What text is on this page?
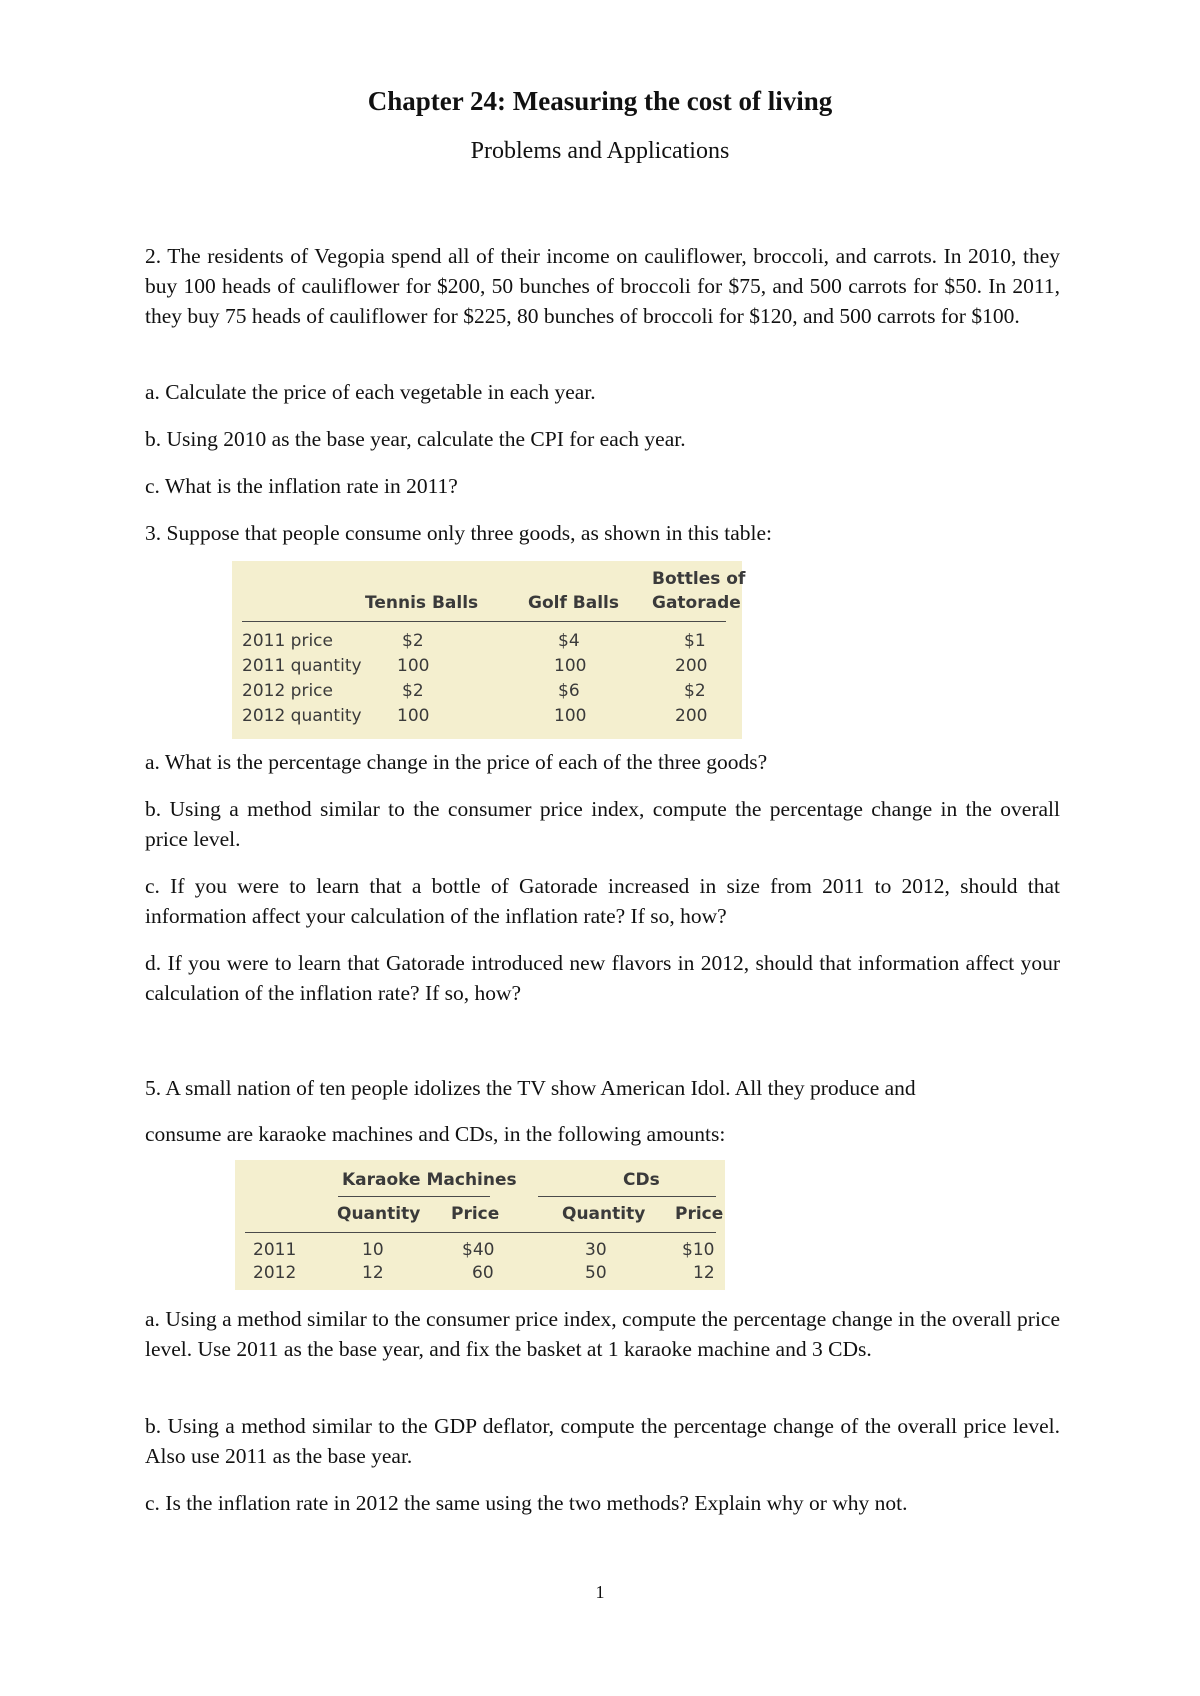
Chapter 24: Measuring the cost of living
Problems and Applications
2. The residents of Vegopia spend all of their income on cauliflower, broccoli, and carrots. In 2010, they buy 100 heads of cauliflower for $200, 50 bunches of broccoli for $75, and 500 carrots for $50. In 2011, they buy 75 heads of cauliflower for $225, 80 bunches of broccoli for $120, and 500 carrots for $100.
a. Calculate the price of each vegetable in each year.
b. Using 2010 as the base year, calculate the CPI for each year.
c. What is the inflation rate in 2011?
3. Suppose that people consume only three goods, as shown in this table:
Tennis Balls	Golf Balls
Bottles of
Gatorade
2011 price	$2	$4	$1
2011 quantity 100	100	200
2012 price	$2	$6	$2
2012 quantity 100	100	200
a. What is the percentage change in the price of each of the three goods?
b. Using a method similar to the consumer price index, compute the percentage change in the overall price level.
c. If you were to learn that a bottle of Gatorade increased in size from 2011 to 2012, should that information affect your calculation of the inflation rate? If so, how?
d. If you were to learn that Gatorade introduced new flavors in 2012, should that information affect your calculation of the inflation rate? If so, how?
5. A small nation of ten people idolizes the TV show American Idol. All they produce and
consume are karaoke machines and CDs, in the following amounts:
Karaoke Machines	CDs
Quantity Price	Quantity Price
2011	10	$40	30	$10
2012	12	60	50	12
a. Using a method similar to the consumer price index, compute the percentage change in the overall price level. Use 2011 as the base year, and fix the basket at 1 karaoke machine and 3 CDs.
b. Using a method similar to the GDP deflator, compute the percentage change of the overall price level. Also use 2011 as the base year.
c. Is the inflation rate in 2012 the same using the two methods? Explain why or why not.
1
